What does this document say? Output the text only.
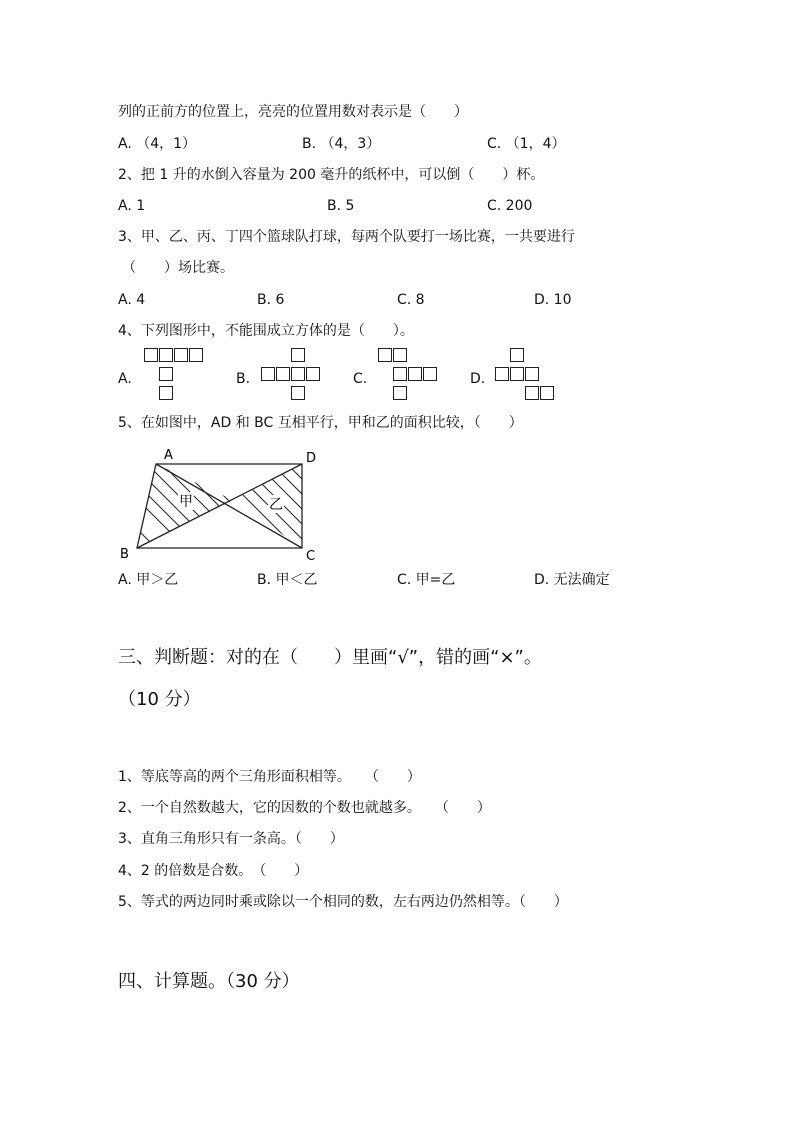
列的正前方的位置上，亮亮的位置用数对表示是（　　）
A. （4，1）	B. （4，3）	C. （1，4）
2、把 1 升的水倒入容量为 200 毫升的纸杯中，可以倒（　　）杯。
A. 1	B. 5	C. 200
3、甲、乙、丙、丁四个篮球队打球，每两个队要打一场比赛，一共要进行
（　　）场比赛。
A. 4	B. 6	C. 8	D. 10
4、下列图形中，不能围成立方体的是（　　）。
A.	B.	C.	D.
5、在如图中，AD 和 BC 互相平行，甲和乙的面积比较，（　　）
A	D
B	C
甲	乙
A. 甲＞乙	B. 甲＜乙	C. 甲=乙	D. 无法确定
三、判断题：对的在（　　）里画“√”，错的画“×”。
（10 分）
1、等底等高的两个三角形面积相等。　　（　　）
2、一个自然数越大，它的因数的个数也就越多。　　（　　）
3、直角三角形只有一条高。（　　）
4、2 的倍数是合数。　（　　）
5、等式的两边同时乘或除以一个相同的数，左右两边仍然相等。（　　）
四、计算题。（30 分）
